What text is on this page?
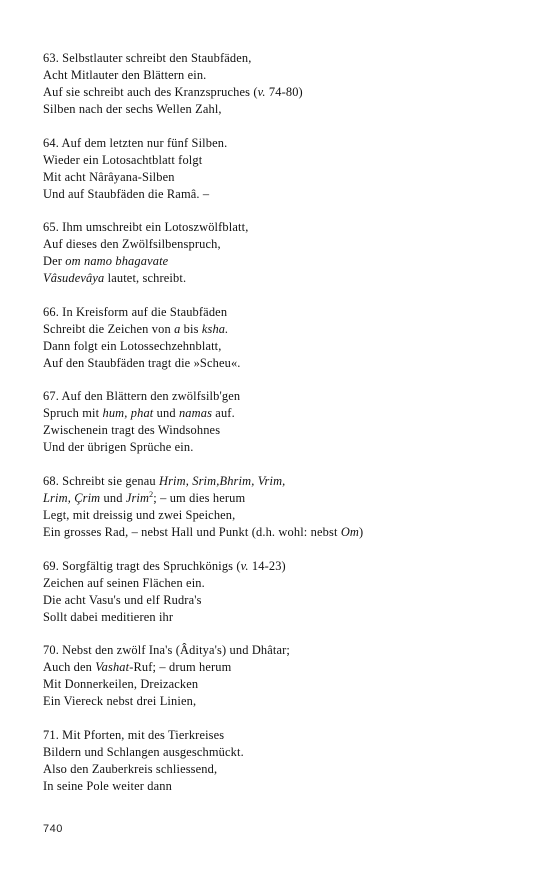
63. Selbstlauter schreibt den Staubfäden,
Acht Mitlauter den Blättern ein.
Auf sie schreibt auch des Kranzspruches (v. 74-80)
Silben nach der sechs Wellen Zahl,
64. Auf dem letzten nur fünf Silben.
Wieder ein Lotosachtblatt folgt
Mit acht Nârâyana-Silben
Und auf Staubfäden die Ramâ. –
65. Ihm umschreibt ein Lotoszwölfblatt,
Auf dieses den Zwölfsilbenspruch,
Der om namo bhagavate
Vâsudevâya lautet, schreibt.
66. In Kreisform auf die Staubfäden
Schreibt die Zeichen von a bis ksha.
Dann folgt ein Lotossechzehnblatt,
Auf den Staubfäden tragt die »Scheu«.
67. Auf den Blättern den zwölfsilb'gen
Spruch mit hum, phat und namas auf.
Zwischenein tragt des Windsohnes
Und der übrigen Sprüche ein.
68. Schreibt sie genau Hrim, Srim,Bhrim, Vrim,
Lrim, Çrim und Jrim$^2$; – um dies herum
Legt, mit dreissig und zwei Speichen,
Ein grosses Rad, – nebst Hall und Punkt (d.h. wohl: nebst Om)
69. Sorgfältig tragt des Spruchkönigs (v. 14-23)
Zeichen auf seinen Flächen ein.
Die acht Vasu's und elf Rudra's
Sollt dabei meditieren ihr
70. Nebst den zwölf Ina's (Âditya's) und Dhâtar;
Auch den Vashat-Ruf; – drum herum
Mit Donnerkeilen, Dreizacken
Ein Viereck nebst drei Linien,
71. Mit Pforten, mit des Tierkreises
Bildern und Schlangen ausgeschmückt.
Also den Zauberkreis schliessend,
In seine Pole weiter dann
740
